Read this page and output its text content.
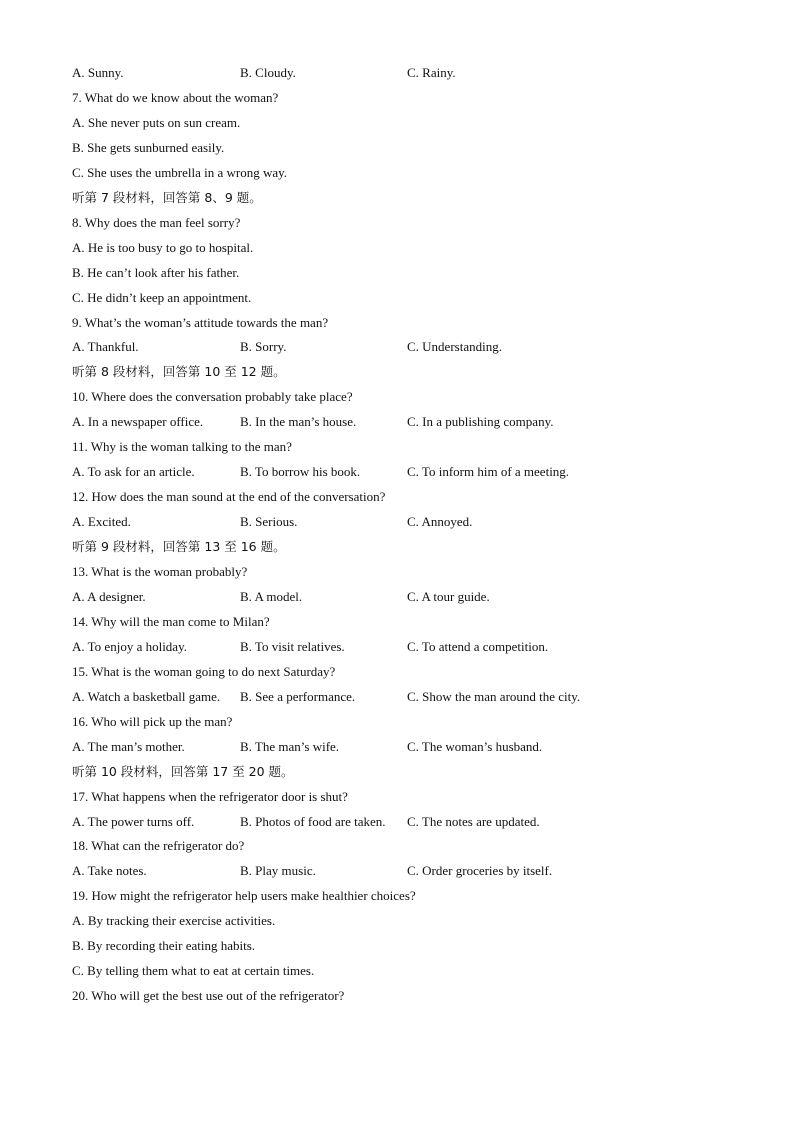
A. Sunny.	B. Cloudy.	C. Rainy.
7. What do we know about the woman?
A. She never puts on sun cream.
B. She gets sunburned easily.
C. She uses the umbrella in a wrong way.
听第 7 段材料，回答第 8、9 题。
8. Why does the man feel sorry?
A. He is too busy to go to hospital.
B. He can’t look after his father.
C. He didn’t keep an appointment.
9. What’s the woman’s attitude towards the man?
A. Thankful.	B. Sorry.	C. Understanding.
听第 8 段材料，回答第 10 至 12 题。
10. Where does the conversation probably take place?
A. In a newspaper office.	B. In the man’s house.	C. In a publishing company.
11. Why is the woman talking to the man?
A. To ask for an article.	B. To borrow his book.	C. To inform him of a meeting.
12. How does the man sound at the end of the conversation?
A. Excited.	B. Serious.	C. Annoyed.
听第 9 段材料，回答第 13 至 16 题。
13. What is the woman probably?
A. A designer.	B. A model.	C. A tour guide.
14. Why will the man come to Milan?
A. To enjoy a holiday.	B. To visit relatives.	C. To attend a competition.
15. What is the woman going to do next Saturday?
A. Watch a basketball game. B. See a performance.	C. Show the man around the city.
16. Who will pick up the man?
A. The man’s mother.	B. The man’s wife.	C. The woman’s husband.
听第 10 段材料，回答第 17 至 20 题。
17. What happens when the refrigerator door is shut?
A. The power turns off.	B. Photos of food are taken. C. The notes are updated.
18. What can the refrigerator do?
A. Take notes.	B. Play music.	C. Order groceries by itself.
19. How might the refrigerator help users make healthier choices?
A. By tracking their exercise activities.
B. By recording their eating habits.
C. By telling them what to eat at certain times.
20. Who will get the best use out of the refrigerator?
